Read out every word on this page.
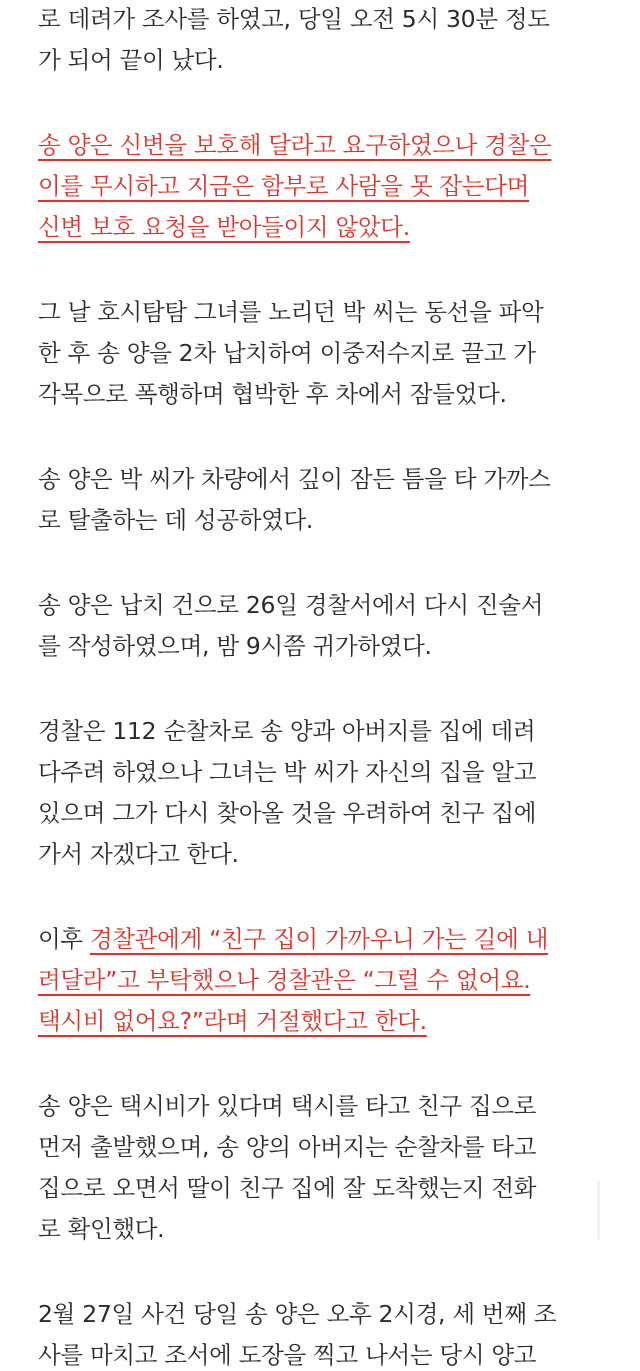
로 데려가 조사를 하였고, 당일 오전 5시 30분 정도
가 되어 끝이 났다.
송 양은 신변을 보호해 달라고 요구하였으나 경찰은
이를 무시하고 지금은 함부로 사람을 못 잡는다며
신변 보호 요청을 받아들이지 않았다.
그 날 호시탐탐 그녀를 노리던 박 씨는 동선을 파악
한 후 송 양을 2차 납치하여 이중저수지로 끌고 가
각목으로 폭행하며 협박한 후 차에서 잠들었다.
송 양은 박 씨가 차량에서 깊이 잠든 틈을 타 가까스
로 탈출하는 데 성공하였다.
송 양은 납치 건으로 26일 경찰서에서 다시 진술서
를 작성하였으며, 밤 9시쯤 귀가하였다.
경찰은 112 순찰차로 송 양과 아버지를 집에 데려
다주려 하였으나 그녀는 박 씨가 자신의 집을 알고
있으며 그가 다시 찾아올 것을 우려하여 친구 집에
가서 자겠다고 한다.
이후 경찰관에게 “친구 집이 가까우니 가는 길에 내
려달라”고 부탁했으나 경찰관은 “그럴 수 없어요.
택시비 없어요?”라며 거절했다고 한다.
송 양은 택시비가 있다며 택시를 타고 친구 집으로
먼저 출발했으며, 송 양의 아버지는 순찰차를 타고
집으로 오면서 딸이 친구 집에 잘 도착했는지 전화
로 확인했다.
2월 27일 사건 당일 송 양은 오후 2시경, 세 번째 조
사를 마치고 조서에 도장을 찍고 나서는 당시 양고
